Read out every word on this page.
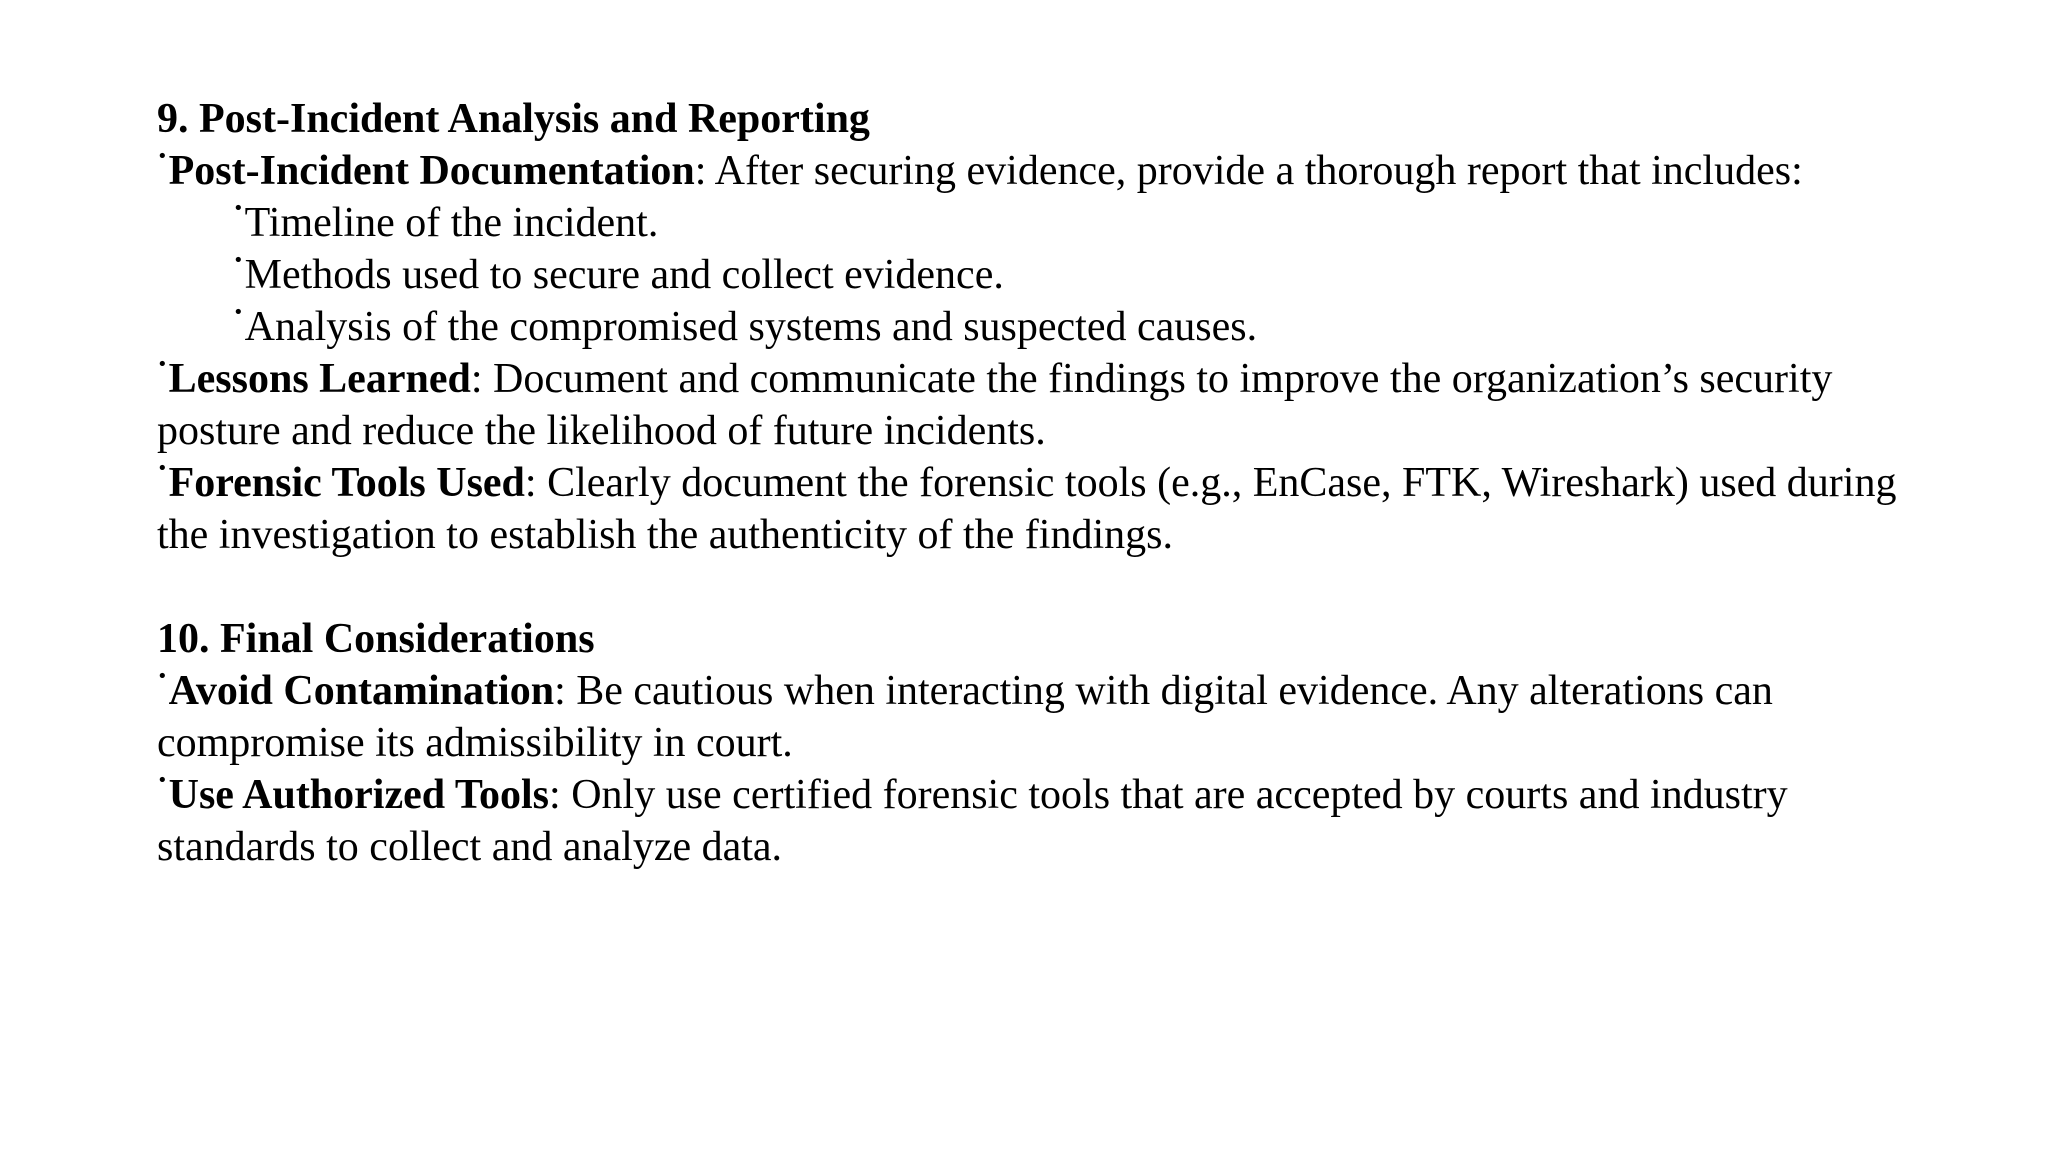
9. Post-Incident Analysis and Reporting

•Post-Incident Documentation: After securing evidence, provide a thorough report that includes:

•Timeline of the incident.

•Methods used to secure and collect evidence.

•Analysis of the compromised systems and suspected causes.

•Lessons Learned: Document and communicate the findings to improve the organization’s security posture and reduce the likelihood of future incidents.

•Forensic Tools Used: Clearly document the forensic tools (e.g., EnCase, FTK, Wireshark) used during the investigation to establish the authenticity of the findings.

10. Final Considerations

•Avoid Contamination: Be cautious when interacting with digital evidence. Any alterations can compromise its admissibility in court.

•Use Authorized Tools: Only use certified forensic tools that are accepted by courts and industry standards to collect and analyze data.
